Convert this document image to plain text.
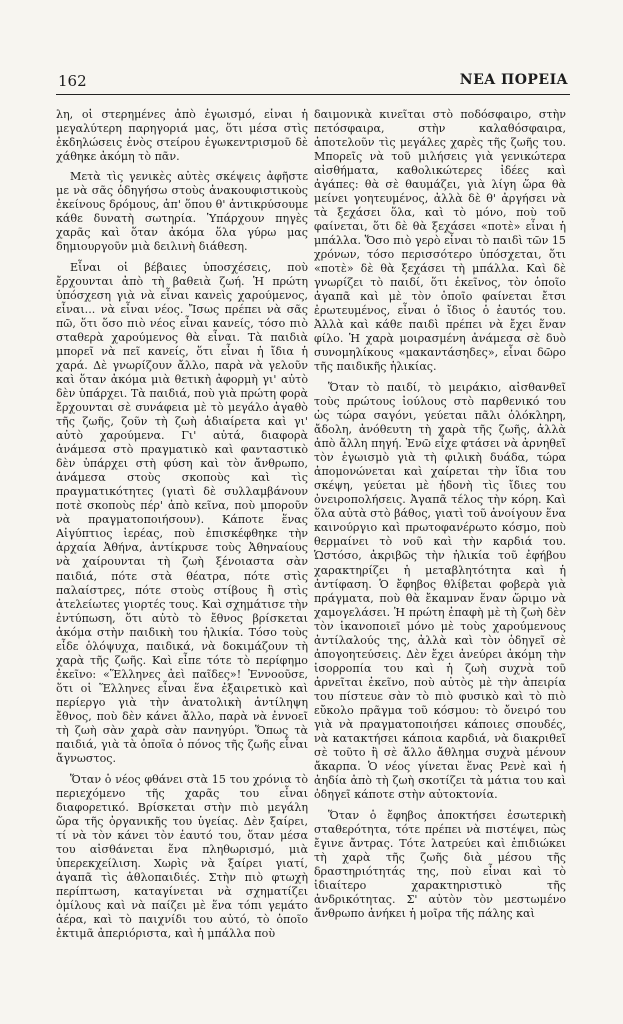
162	ΝΕΑ ΠΟΡΕΙΑ

λη, οἱ στερημένες ἀπὸ ἐγωισμό, εἶναι ἡ μεγαλύτερη παρηγοριά μας, ὅτι μέσα στὶς ἐκδηλώσεις ἑνὸς στείρου ἐγωκεντρισμοῦ δὲ χάθηκε ἀκόμη τὸ πᾶν.

Μετὰ τὶς γενικὲς αὐτὲς σκέψεις ἀφῆστε με νὰ σᾶς ὁδηγήσω στοὺς ἀνακουφιστικοὺς ἐκείνους δρόμους, ἀπ' ὅπου θ' ἀντικρύσουμε κάθε δυνατὴ σωτηρία. Ὑπάρχουν πηγὲς χαρᾶς καὶ ὅταν ἀκόμα ὅλα γύρω μας δημιουργοῦν μιὰ δειλινὴ διάθεση.

Εἶναι οἱ βέβαιες ὑποσχέσεις, ποὺ ἔρχουνται ἀπὸ τὴ βαθειὰ ζωή. Ἡ πρώτη ὑπόσχεση γιὰ νὰ εἶναι κανεὶς χαρούμενος, εἶναι... νὰ εἶναι νέος. Ἴσως πρέπει νὰ σᾶς πῶ, ὅτι ὅσο πιὸ νέος εἶναι κανείς, τόσο πιὸ σταθερὰ χαρούμενος θὰ εἶναι. Τὰ παιδιὰ μπορεῖ νὰ πεῖ κανείς, ὅτι εἶναι ἡ ἴδια ἡ χαρά. Δὲ γνωρίζουν ἄλλο, παρὰ νὰ γελοῦν καὶ ὅταν ἀκόμα μιὰ θετικὴ ἀφορμὴ γι' αὐτὸ δὲν ὑπάρχει. Τὰ παιδιά, ποὺ γιὰ πρώτη φορὰ ἔρχουνται σὲ συνάφεια μὲ τὸ μεγάλο ἀγαθὸ τῆς ζωῆς, ζοῦν τὴ ζωὴ ἀδιαίρετα καὶ γι' αὐτὸ χαρούμενα. Γι' αὐτά, διαφορὰ ἀνάμεσα στὸ πραγματικὸ καὶ φανταστικὸ δὲν ὑπάρχει στὴ φύση καὶ τὸν ἄνθρωπο, ἀνάμεσα στοὺς σκοποὺς καὶ τὶς πραγματικότητες (γιατὶ δὲ συλλαμβάνουν ποτὲ σκοποὺς πέρ' ἀπὸ κεῖνα, ποὺ μποροῦν νὰ πραγματοποιήσουν). Κάποτε ἕνας Αἰγύπτιος ἱερέας, ποὺ ἐπισκέφθηκε τὴν ἀρχαία Ἀθήνα, ἀντίκρυσε τοὺς Ἀθηναίους νὰ χαίρουνται τὴ ζωὴ ξένοιαστα σὰν παιδιά, πότε στὰ θέατρα, πότε στὶς παλαίστρες, πότε στοὺς στίβους ἢ στὶς ἀτελείωτες γιορτές τους. Καὶ σχημάτισε τὴν ἐντύπωση, ὅτι αὐτὸ τὸ ἔθνος βρίσκεται ἀκόμα στὴν παιδικὴ του ἡλικία. Τόσο τοὺς εἶδε ὁλόψυχα, παιδικά, νὰ δοκιμάζουν τὴ χαρὰ τῆς ζωῆς. Καὶ εἶπε τότε τὸ περίφημο ἐκεῖνο: «Ἕλληνες ἀεὶ παῖδες»! Ἐννοοῦσε, ὅτι οἱ Ἕλληνες εἶναι ἕνα ἐξαιρετικὸ καὶ περίεργο γιὰ τὴν ἀνατολικὴ ἀντίληψη ἔθνος, ποὺ δὲν κάνει ἄλλο, παρὰ νὰ ἐννοεῖ τὴ ζωὴ σὰν χαρὰ σὰν πανηγύρι. Ὅπως τὰ παιδιά, γιὰ τὰ ὁποῖα ὁ πόνος τῆς ζωῆς εἶναι ἄγνωστος.

Ὅταν ὁ νέος φθάνει στὰ 15 του χρόνια τὸ περιεχόμενο τῆς χαρᾶς του εἶναι διαφορετικό. Βρίσκεται στὴν πιὸ μεγάλη ὥρα τῆς ὀργανικῆς του ὑγείας. Δὲν ξαίρει, τί νὰ τὸν κάνει τὸν ἑαυτό του, ὅταν μέσα του αἰσθάνεται ἕνα πληθωρισμό, μιὰ ὑπερεκχείλιση. Χωρὶς νὰ ξαίρει γιατί, ἀγαπᾶ τὶς ἀθλοπαιδιές. Στὴν πιὸ φτωχὴ περίπτωση, καταγίνεται νὰ σχηματίζει ὁμίλους καὶ νὰ παίζει μὲ ἕνα τόπι γεμάτο ἀέρα, καὶ τὸ παιχνίδι του αὐτό, τὸ ὁποῖο ἐκτιμᾶ ἀπεριόριστα, καὶ ἡ μπάλλα ποὺ

δαιμονικὰ κινεῖται στὸ ποδόσφαιρο, στὴν πετόσφαιρα, στὴν καλαθόσφαιρα, ἀποτελοῦν τὶς μεγάλες χαρὲς τῆς ζωῆς του. Μπορεῖς νὰ τοῦ μιλήσεις γιὰ γενικώτερα αἰσθήματα, καθολικώτερες ἰδέες καὶ ἀγάπες: θὰ σὲ θαυμάζει, γιὰ λίγη ὥρα θὰ μείνει γοητευμένος, ἀλλὰ δὲ θ' ἀργήσει νὰ τὰ ξεχάσει ὅλα, καὶ τὸ μόνο, ποὺ τοῦ φαίνεται, ὅτι δὲ θὰ ξεχάσει «ποτὲ» εἶναι ἡ μπάλλα. Ὅσο πιὸ γερὸ εἶναι τὸ παιδὶ τῶν 15 χρόνων, τόσο περισσότερο ὑπόσχεται, ὅτι «ποτὲ» δὲ θὰ ξεχάσει τὴ μπάλλα. Καὶ δὲ γνωρίζει τὸ παιδί, ὅτι ἐκεῖνος, τὸν ὁποῖο ἀγαπᾶ καὶ μὲ τὸν ὁποῖο φαίνεται ἔτσι ἐρωτευμένος, εἶναι ὁ ἴδιος ὁ ἑαυτός του. Ἀλλὰ καὶ κάθε παιδὶ πρέπει νὰ ἔχει ἕναν φίλο. Ἡ χαρὰ μοιρασμένη ἀνάμεσα σὲ δυὸ συνομηλίκους «μακαντάσηδες», εἶναι δῶρο τῆς παιδικῆς ἡλικίας.

Ὅταν τὸ παιδί, τὸ μειράκιο, αἰσθανθεῖ τοὺς πρώτους ἰούλους στὸ παρθενικό του ὡς τώρα σαγόνι, γεύεται πᾶλι ὁλόκληρη, ἄδολη, ἀνόθευτη τὴ χαρὰ τῆς ζωῆς, ἀλλὰ ἀπὸ ἄλλη πηγή. Ἐνῶ εἶχε φτάσει νὰ ἀρνηθεῖ τὸν ἐγωισμὸ γιὰ τὴ φιλικὴ δυάδα, τώρα ἀπομονώνεται καὶ χαίρεται τὴν ἴδια του σκέψη, γεύεται μὲ ἡδονὴ τὶς ἴδιες του ὀνειροπολήσεις. Ἀγαπᾶ τέλος τὴν κόρη. Καὶ ὅλα αὐτὰ στὸ βάθος, γιατὶ τοῦ ἀνοίγουν ἕνα καινούργιο καὶ πρωτοφανέρωτο κόσμο, ποὺ θερμαίνει τὸ νοῦ καὶ τὴν καρδιά του. Ὡστόσο, ἀκριβῶς τὴν ἡλικία τοῦ ἐφήβου χαρακτηρίζει ἡ μεταβλητότητα καὶ ἡ ἀντίφαση. Ὁ ἔφηβος θλίβεται φοβερὰ γιὰ πράγματα, ποὺ θὰ ἔκαμναν ἕναν ὥριμο νὰ χαμογελάσει. Ἡ πρώτη ἐπαφὴ μὲ τὴ ζωὴ δὲν τὸν ἱκανοποιεῖ μόνο μὲ τοὺς χαρούμενους ἀντίλαλούς της, ἀλλὰ καὶ τὸν ὁδηγεῖ σὲ ἀπογοητεύσεις. Δὲν ἔχει ἀνεύρει ἀκόμη τὴν ἰσορροπία του καὶ ἡ ζωὴ συχνὰ τοῦ ἀρνεῖται ἐκεῖνο, ποὺ αὐτὸς μὲ τὴν ἀπειρία του πίστευε σὰν τὸ πιὸ φυσικὸ καὶ τὸ πιὸ εὔκολο πρᾶγμα τοῦ κόσμου: τὸ ὄνειρό του γιὰ νὰ πραγματοποιήσει κάποιες σπουδές, νὰ κατακτήσει κάποια καρδιά, νὰ διακριθεῖ σὲ τοῦτο ἢ σὲ ἄλλο ἄθλημα συχνὰ μένουν ἄκαρπα. Ὁ νέος γίνεται ἕνας Ρενὲ καὶ ἡ ἀηδία ἀπὸ τὴ ζωὴ σκοτίζει τὰ μάτια του καὶ ὁδηγεῖ κάποτε στὴν αὐτοκτονία.

Ὅταν ὁ ἔφηβος ἀποκτήσει ἐσωτερικὴ σταθερότητα, τότε πρέπει νὰ πιστέψει, πὼς ἔγινε ἄντρας. Τότε λατρεύει καὶ ἐπιδιώκει τὴ χαρὰ τῆς ζωῆς διὰ μέσου τῆς δραστηριότητάς της, ποὺ εἶναι καὶ τὸ ἰδιαίτερο χαρακτηριστικὸ τῆς ἀνδρικότητας. Σ' αὐτὸν τὸν μεστωμένο ἄνθρωπο ἀνήκει ἡ μοῖρα τῆς πάλης καὶ
